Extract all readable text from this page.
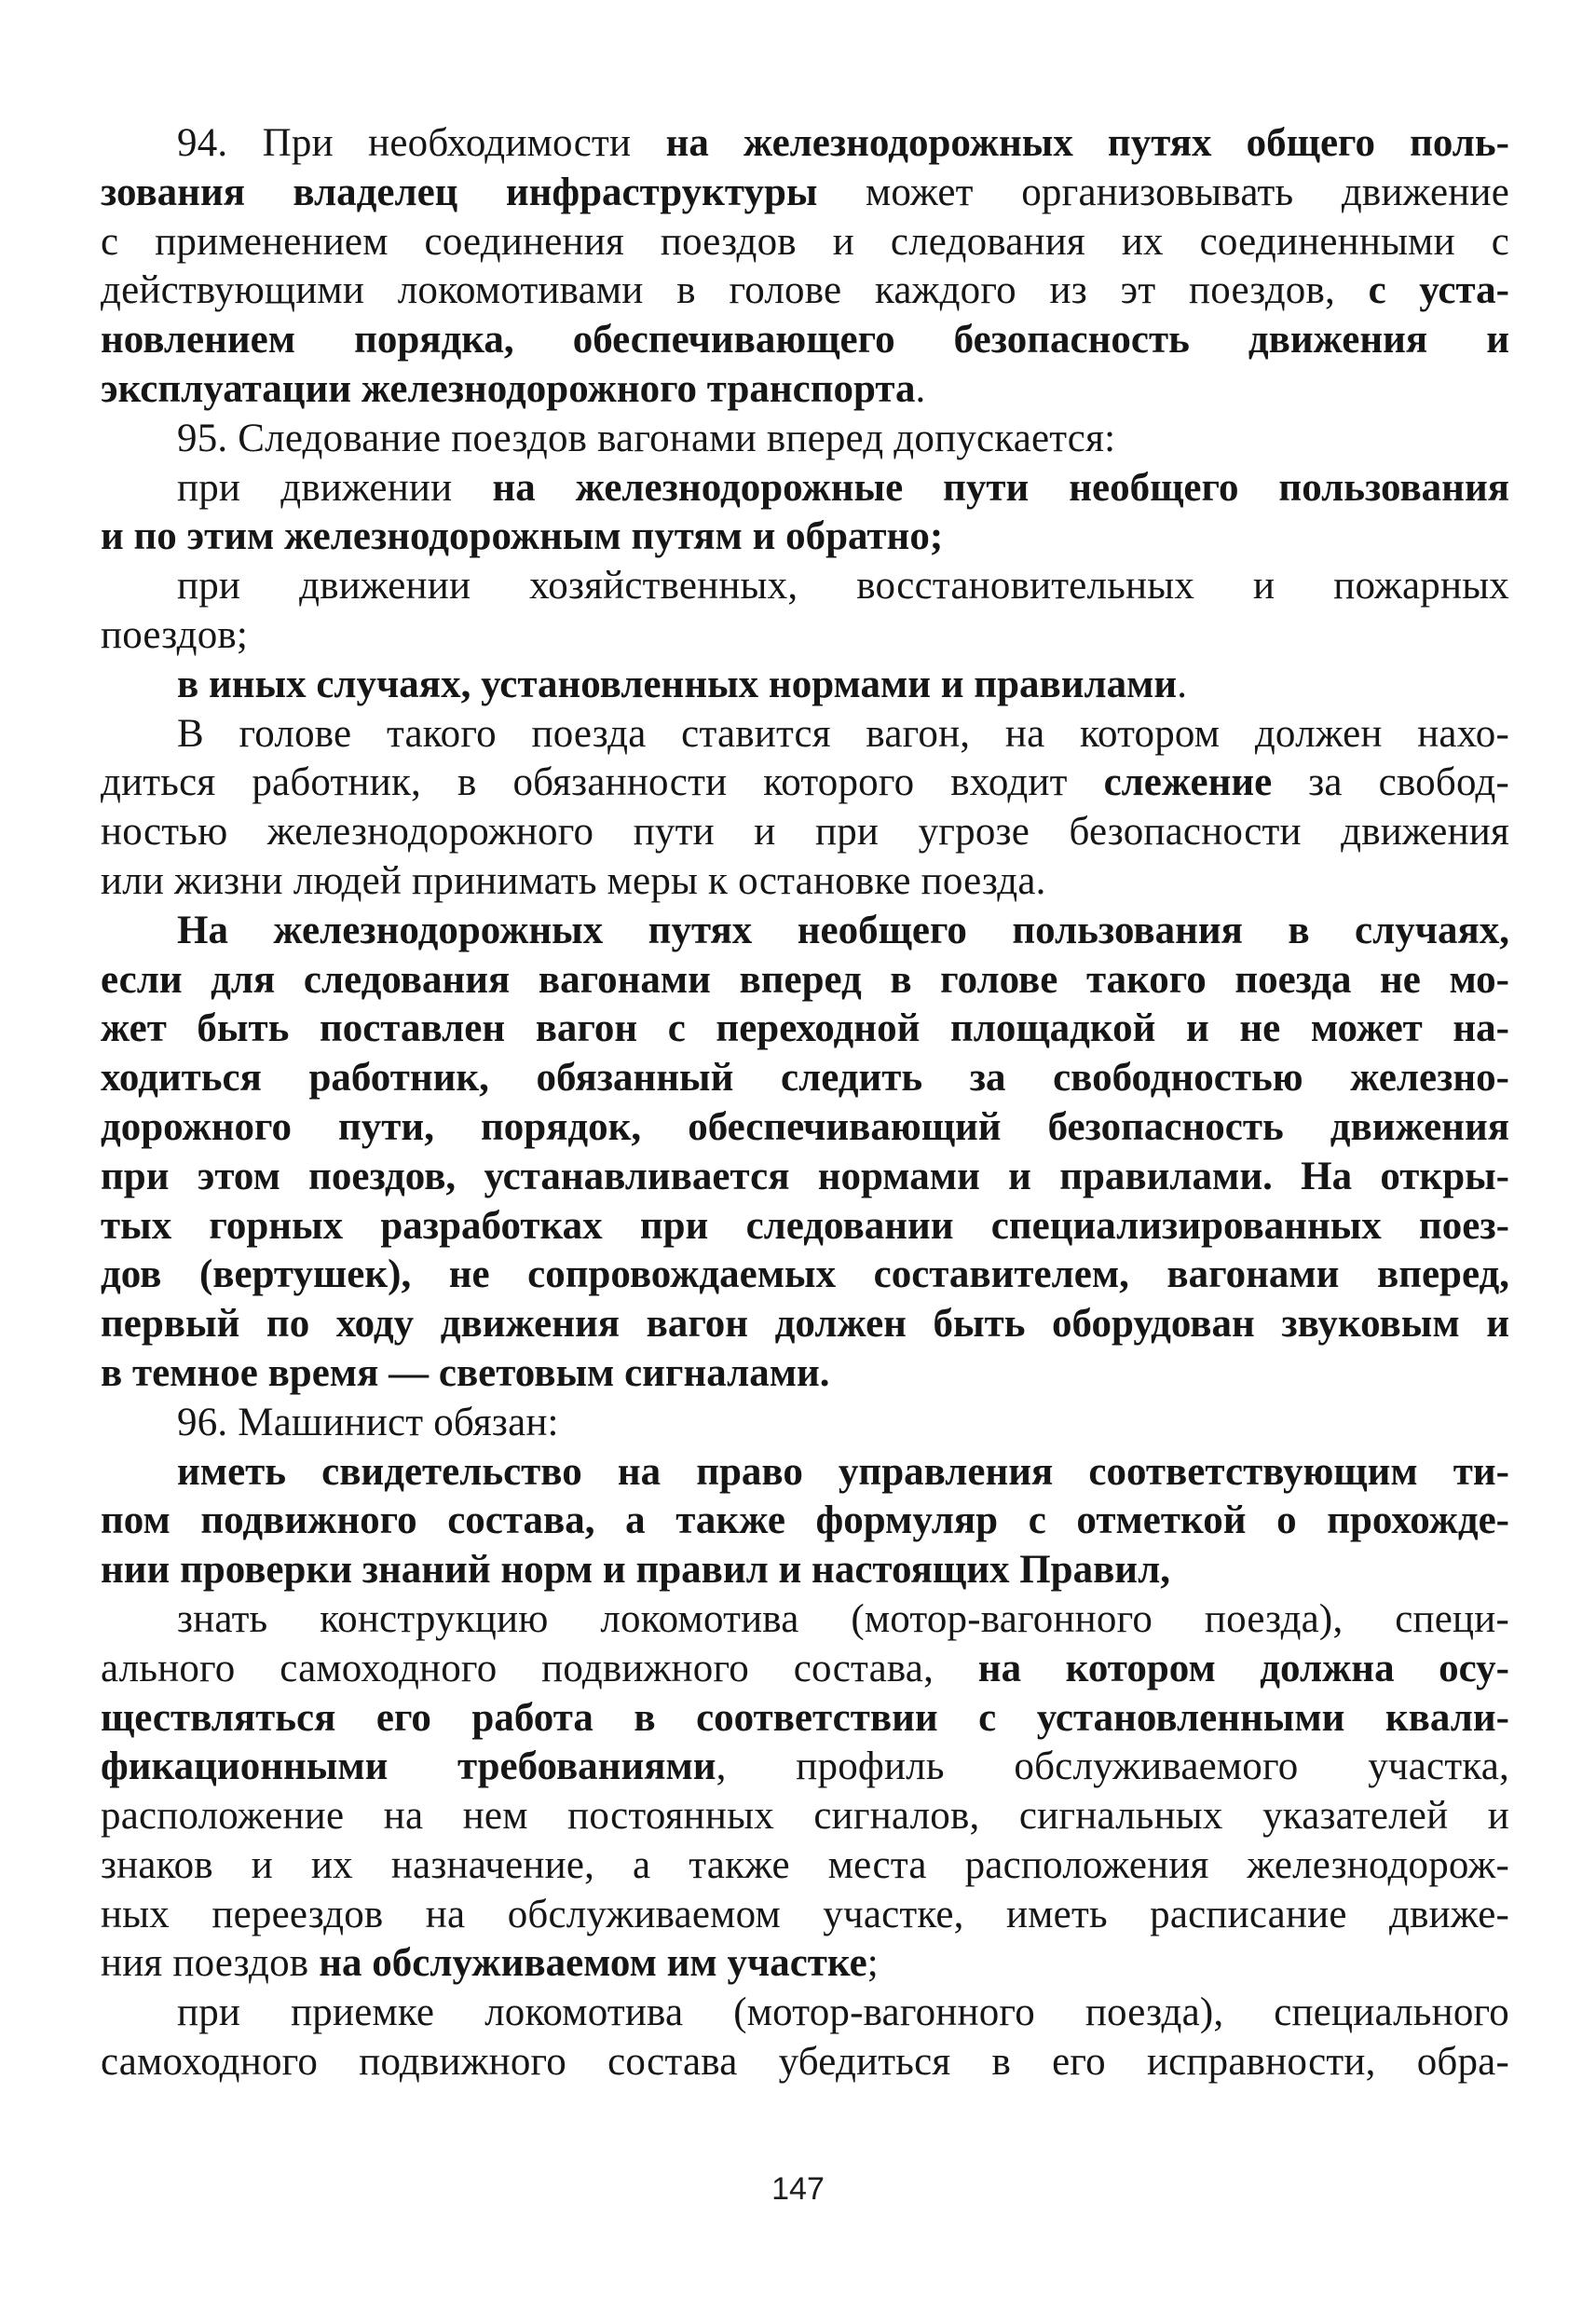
94. При необходимости на железнодорожных путях общего поль-
зования владелец инфраструктуры может организовывать движение
с применением соединения поездов и следования их соединенными с
действующими локомотивами в голове каждого из эт поездов, с уста-
новлением порядка, обеспечивающего безопасность движения и
эксплуатации железнодорожного транспорта.
95. Следование поездов вагонами вперед допускается:
при движении на железнодорожные пути необщего пользования
и по этим железнодорожным путям и обратно;
при движении хозяйственных, восстановительных и пожарных
поездов;
в иных случаях, установленных нормами и правилами.
В голове такого поезда ставится вагон, на котором должен нахо-
диться работник, в обязанности которого входит слежение за свобод-
ностью железнодорожного пути и при угрозе безопасности движения
или жизни людей принимать меры к остановке поезда.
На железнодорожных путях необщего пользования в случаях,
если для следования вагонами вперед в голове такого поезда не мо-
жет быть поставлен вагон с переходной площадкой и не может на-
ходиться работник, обязанный следить за свободностью железно-
дорожного пути, порядок, обеспечивающий безопасность движения
при этом поездов, устанавливается нормами и правилами. На откры-
тых горных разработках при следовании специализированных поез-
дов (вертушек), не сопровождаемых составителем, вагонами вперед,
первый по ходу движения вагон должен быть оборудован звуковым и
в темное время — световым сигналами.
96. Машинист обязан:
иметь свидетельство на право управления соответствующим ти-
пом подвижного состава, а также формуляр с отметкой о прохожде-
нии проверки знаний норм и правил и настоящих Правил,
знать конструкцию локомотива (мотор-вагонного поезда), специ-
ального самоходного подвижного состава, на котором должна осу-
ществляться его работа в соответствии с установленными квали-
фикационными требованиями, профиль обслуживаемого участка,
расположение на нем постоянных сигналов, сигнальных указателей и
знаков и их назначение, а также места расположения железнодорож-
ных переездов на обслуживаемом участке, иметь расписание движе-
ния поездов на обслуживаемом им участке;
при приемке локомотива (мотор-вагонного поезда), специального
самоходного подвижного состава убедиться в его исправности, обра-
147
